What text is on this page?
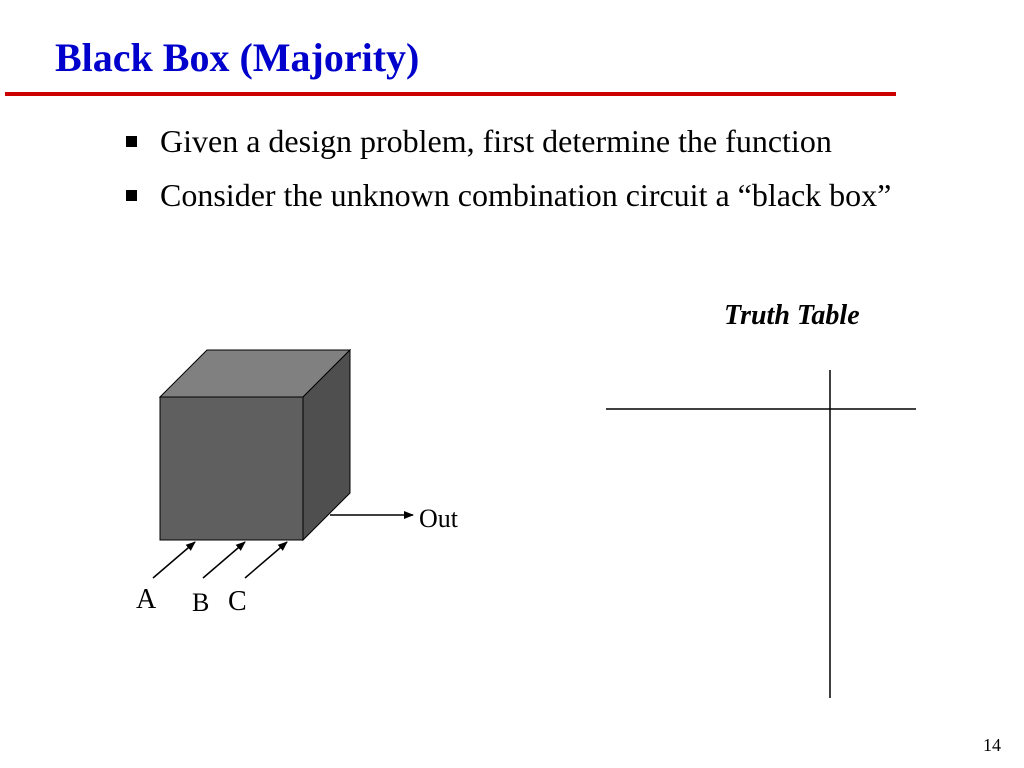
Black Box (Majority)
Given a design problem, first determine the function
Consider the unknown combination circuit a “black box”
Truth Table
Out
A B C
14
